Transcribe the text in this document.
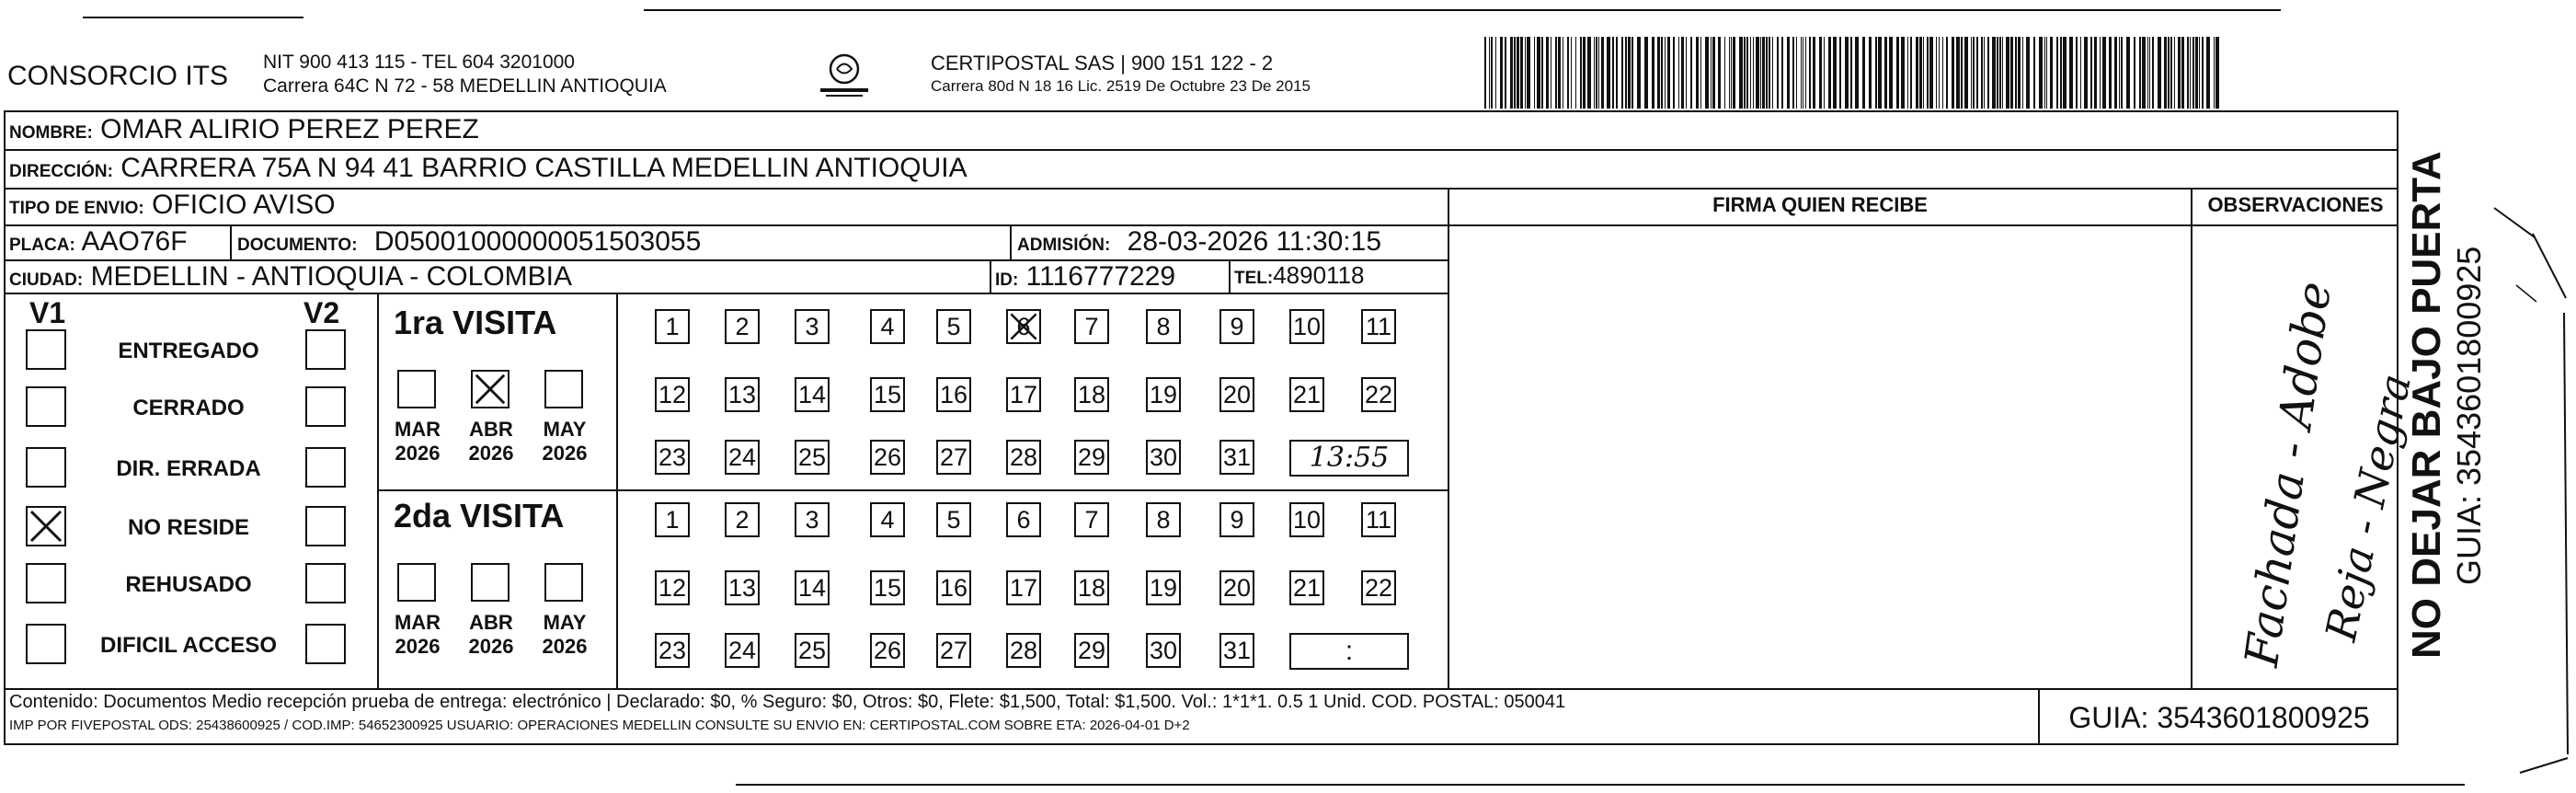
CONSORCIO ITS NIT 900 413 115 - TEL 604 3201000
Carrera 64C N 72 - 58 MEDELLIN ANTIOQUIA
CERTIPOSTAL SAS | 900 151 122 - 2
Carrera 80d N 18 16 Lic. 2519 De Octubre 23 De 2015
NOMBRE: OMAR ALIRIO PEREZ PEREZ
DIRECCIÓN: CARRERA 75A N 94 41 BARRIO CASTILLA MEDELLIN ANTIOQUIA
TIPO DE ENVIO: OFICIO AVISO
PLACA: AAO76F	DOCUMENTO: D05001000000051503055	ADMISIÓN: 28-03-2026 11:30:15
CIUDAD: MEDELLIN - ANTIOQUIA - COLOMBIA	ID: 1116777229	TEL:4890118
FIRMA QUIEN RECIBE	OBSERVACIONES
V1	V2
ENTREGADO
CERRADO
DIR. ERRADA
NO RESIDE
REHUSADO
DIFICIL ACCESO
1ra VISITA
MAR
2026
ABR
2026
MAY
2026
1	2	3	4	5	6	7	8	9	10 11
12 13 14 15 16 17 18 19 20 21 22
23 24 25 26 27 28 29 30 31	13:55
2da VISITA
MAR
2026
ABR
2026
MAY
2026
1	2	3	4	5	6	7	8	9	10 11
12 13 14 15 16 17 18 19 20 21 22
23 24 25 26 27 28 29 30 31	:	Fachada - Adobe
Reja - Negra
Contenido: Documentos Medio recepción prueba de entrega: electrónico | Declarado: $0, % Seguro: $0, Otros: $0, Flete: $1,500, Total: $1,500. Vol.: 1*1*1. 0.5 1 Unid. COD. POSTAL: 050041
IMP POR FIVEPOSTAL ODS: 25438600925 / COD.IMP: 54652300925 USUARIO: OPERACIONES MEDELLIN CONSULTE SU ENVIO EN: CERTIPOSTAL.COM SOBRE ETA: 2026-04-01 D+2	GUIA: 3543601800925
NO DEJAR BAJO PUERTA GUIA: 3543601800925
